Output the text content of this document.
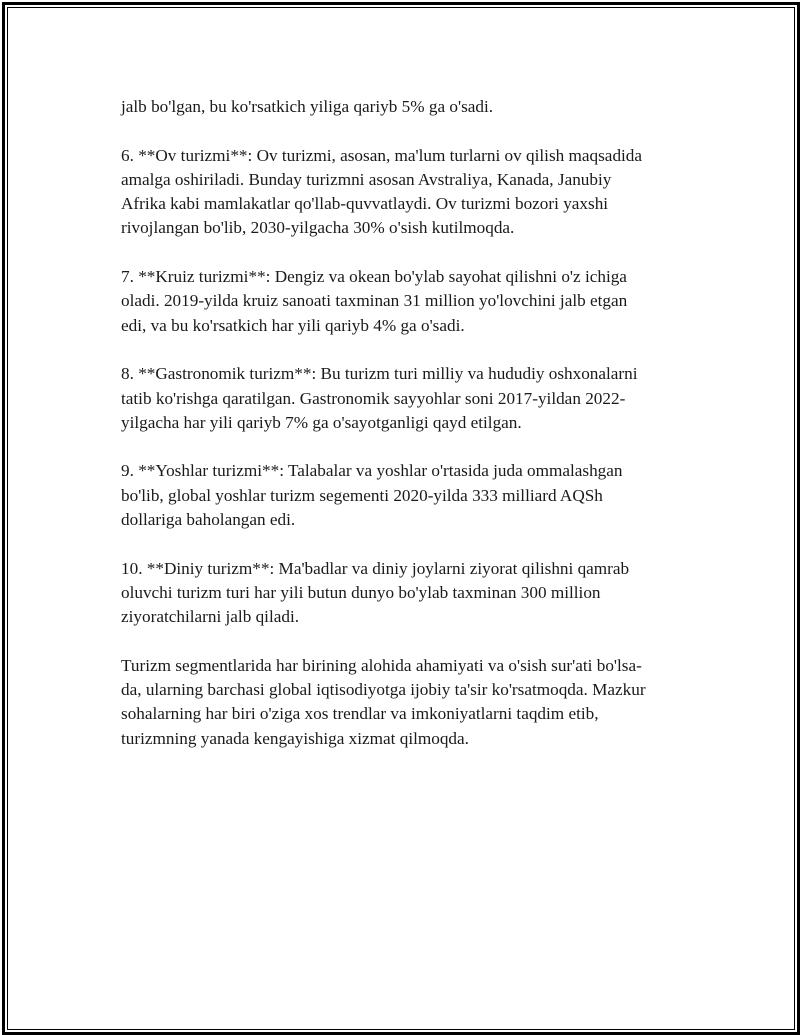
jalb bo'lgan, bu ko'rsatkich yiliga qariyb 5% ga o'sadi.

6. **Ov turizmi**: Ov turizmi, asosan, ma'lum turlarni ov qilish maqsadida
amalga oshiriladi. Bunday turizmni asosan Avstraliya, Kanada, Janubiy
Afrika kabi mamlakatlar qo'llab-quvvatlaydi. Ov turizmi bozori yaxshi
rivojlangan bo'lib, 2030-yilgacha 30% o'sish kutilmoqda.

7. **Kruiz turizmi**: Dengiz va okean bo'ylab sayohat qilishni o'z ichiga
oladi. 2019-yilda kruiz sanoati taxminan 31 million yo'lovchini jalb etgan
edi, va bu ko'rsatkich har yili qariyb 4% ga o'sadi.

8. **Gastronomik turizm**: Bu turizm turi milliy va hududiy oshxonalarni
tatib ko'rishga qaratilgan. Gastronomik sayyohlar soni 2017-yildan 2022-
yilgacha har yili qariyb 7% ga o'sayotganligi qayd etilgan.

9. **Yoshlar turizmi**: Talabalar va yoshlar o'rtasida juda ommalashgan
bo'lib, global yoshlar turizm segementi 2020-yilda 333 milliard AQSh
dollariga baholangan edi.

10. **Diniy turizm**: Ma'badlar va diniy joylarni ziyorat qilishni qamrab
oluvchi turizm turi har yili butun dunyo bo'ylab taxminan 300 million
ziyoratchilarni jalb qiladi.

Turizm segmentlarida har birining alohida ahamiyati va o'sish sur'ati bo'lsa-
da, ularning barchasi global iqtisodiyotga ijobiy ta'sir ko'rsatmoqda. Mazkur
sohalarning har biri o'ziga xos trendlar va imkoniyatlarni taqdim etib,
turizmning yanada kengayishiga xizmat qilmoqda.
